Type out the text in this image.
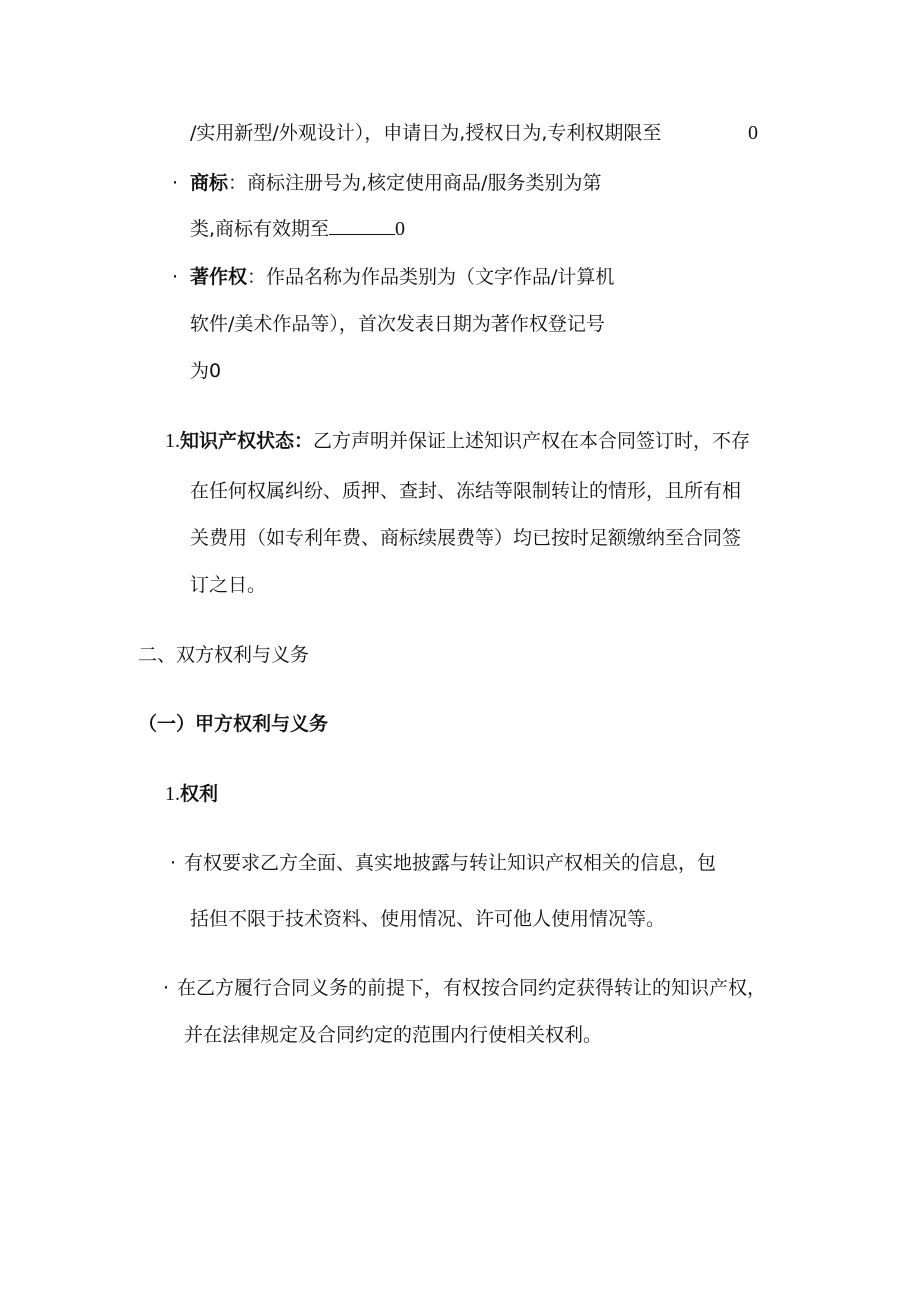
/实用新型/外观设计），申请日为,授权日为,专利权期限至	0
· 商标：商标注册号为,核定使用商品/服务类别为第
类,商标有效期至	0
· 著作权：作品名称为作品类别为（文字作品/计算机
软件/美术作品等），首次发表日期为著作权登记号
为0
1.知识产权状态：乙方声明并保证上述知识产权在本合同签订时，不存
在任何权属纠纷、质押、查封、冻结等限制转让的情形，且所有相
关费用（如专利年费、商标续展费等）均已按时足额缴纳至合同签
订之日。
二、双方权利与义务
（一）甲方权利与义务
1.权利
· 有权要求乙方全面、真实地披露与转让知识产权相关的信息，包
括但不限于技术资料、使用情况、许可他人使用情况等。
· 在乙方履行合同义务的前提下，有权按合同约定获得转让的知识产权，
并在法律规定及合同约定的范围内行使相关权利。
